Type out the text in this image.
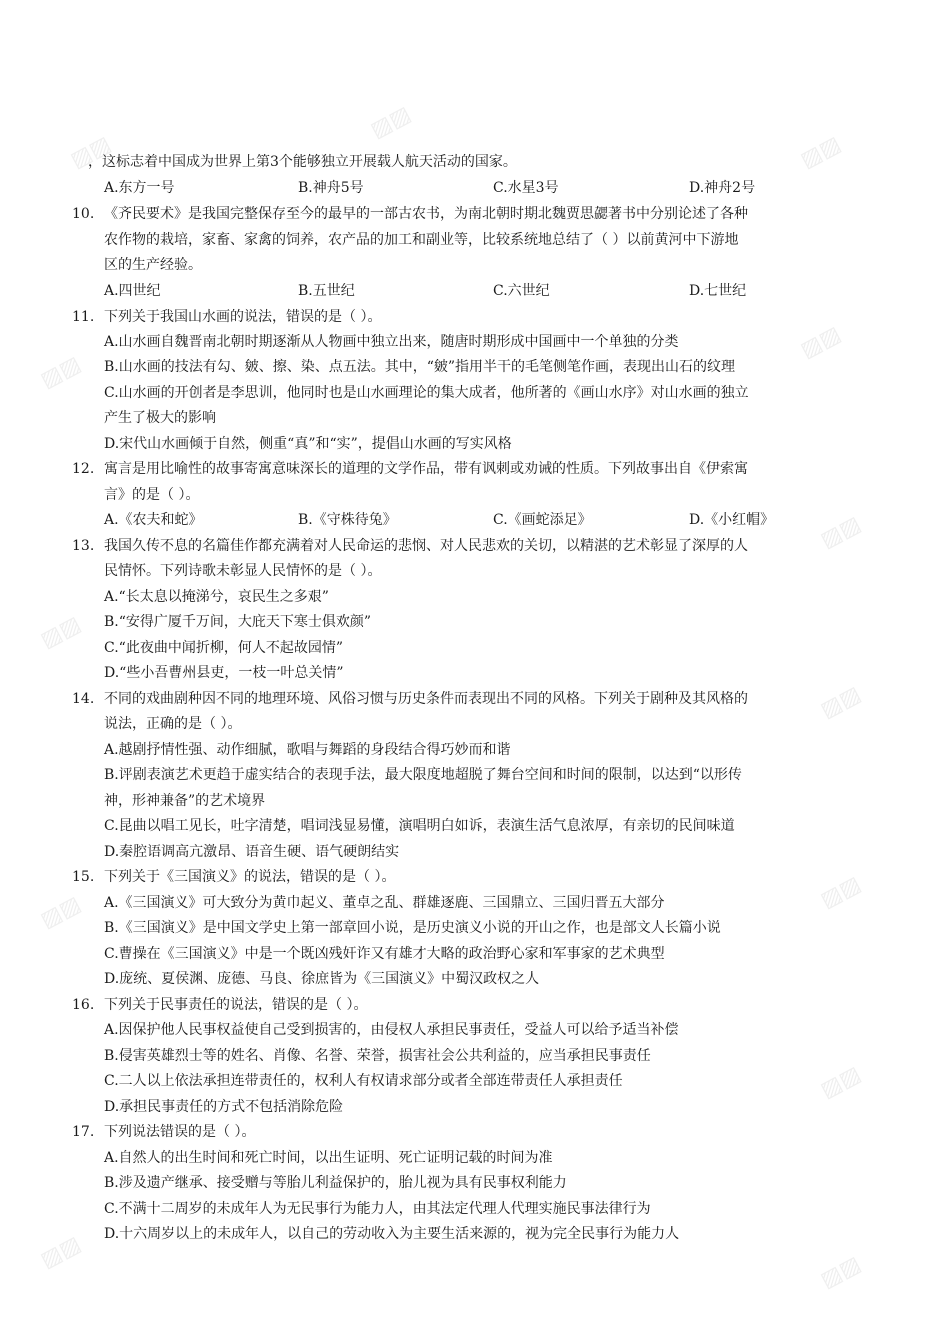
▨▨
▨▨
▨▨
▨▨
▨▨
▨▨
▨▨
▨▨
▨▨
▨▨
▨▨
▨▨
▨▨
，这标志着中国成为世界上第3个能够独立开展载人航天活动的国家。
A.东方一号	B.神舟5号	C.水星3号	D.神舟2号
10. 《齐民要术》是我国完整保存至今的最早的一部古农书，为南北朝时期北魏贾思勰著书中分别论述了各种
农作物的栽培，家畜、家禽的饲养，农产品的加工和副业等，比较系统地总结了（ ）以前黄河中下游地
区的生产经验。
A.四世纪	B.五世纪	C.六世纪	D.七世纪
11. 下列关于我国山水画的说法，错误的是（ ）。
A.山水画自魏晋南北朝时期逐渐从人物画中独立出来，随唐时期形成中国画中一个单独的分类
B.山水画的技法有勾、皴、擦、染、点五法。其中，“皴”指用半干的毛笔侧笔作画，表现出山石的纹理
C.山水画的开创者是李思训，他同时也是山水画理论的集大成者，他所著的《画山水序》对山水画的独立
产生了极大的影响
D.宋代山水画倾于自然，侧重“真”和“实”，提倡山水画的写实风格
12. 寓言是用比喻性的故事寄寓意味深长的道理的文学作品，带有讽刺或劝诫的性质。下列故事出自《伊索寓
言》的是（ ）。
A.《农夫和蛇》	B.《守株待兔》	C.《画蛇添足》	D.《小红帽》
13. 我国久传不息的名篇佳作都充满着对人民命运的悲悯、对人民悲欢的关切，以精湛的艺术彰显了深厚的人
民情怀。下列诗歌未彰显人民情怀的是（ ）。
A.“长太息以掩涕兮，哀民生之多艰”
B.“安得广厦千万间，大庇天下寒士俱欢颜”
C.“此夜曲中闻折柳，何人不起故园情”
D.“些小吾曹州县吏，一枝一叶总关情”
14. 不同的戏曲剧种因不同的地理环境、风俗习惯与历史条件而表现出不同的风格。下列关于剧种及其风格的
说法，正确的是（ ）。
A.越剧抒情性强、动作细腻，歌唱与舞蹈的身段结合得巧妙而和谐
B.评剧表演艺术更趋于虚实结合的表现手法，最大限度地超脱了舞台空间和时间的限制，以达到“以形传
神，形神兼备”的艺术境界
C.昆曲以唱工见长，吐字清楚，唱词浅显易懂，演唱明白如诉，表演生活气息浓厚，有亲切的民间味道
D.秦腔语调高亢激昂、语音生硬、语气硬朗结实
15. 下列关于《三国演义》的说法，错误的是（ ）。
A.《三国演义》可大致分为黄巾起义、董卓之乱、群雄逐鹿、三国鼎立、三国归晋五大部分
B.《三国演义》是中国文学史上第一部章回小说，是历史演义小说的开山之作，也是部文人长篇小说
C.曹操在《三国演义》中是一个既凶残奸诈又有雄才大略的政治野心家和军事家的艺术典型
D.庞统、夏侯渊、庞德、马良、徐庶皆为《三国演义》中蜀汉政权之人
16. 下列关于民事责任的说法，错误的是（ ）。
A.因保护他人民事权益使自己受到损害的，由侵权人承担民事责任，受益人可以给予适当补偿
B.侵害英雄烈士等的姓名、肖像、名誉、荣誉，损害社会公共利益的，应当承担民事责任
C.二人以上依法承担连带责任的，权利人有权请求部分或者全部连带责任人承担责任
D.承担民事责任的方式不包括消除危险
17. 下列说法错误的是（ ）。
A.自然人的出生时间和死亡时间，以出生证明、死亡证明记载的时间为准
B.涉及遗产继承、接受赠与等胎儿利益保护的，胎儿视为具有民事权利能力
C.不满十二周岁的未成年人为无民事行为能力人，由其法定代理人代理实施民事法律行为
D.十六周岁以上的未成年人，以自己的劳动收入为主要生活来源的，视为完全民事行为能力人
